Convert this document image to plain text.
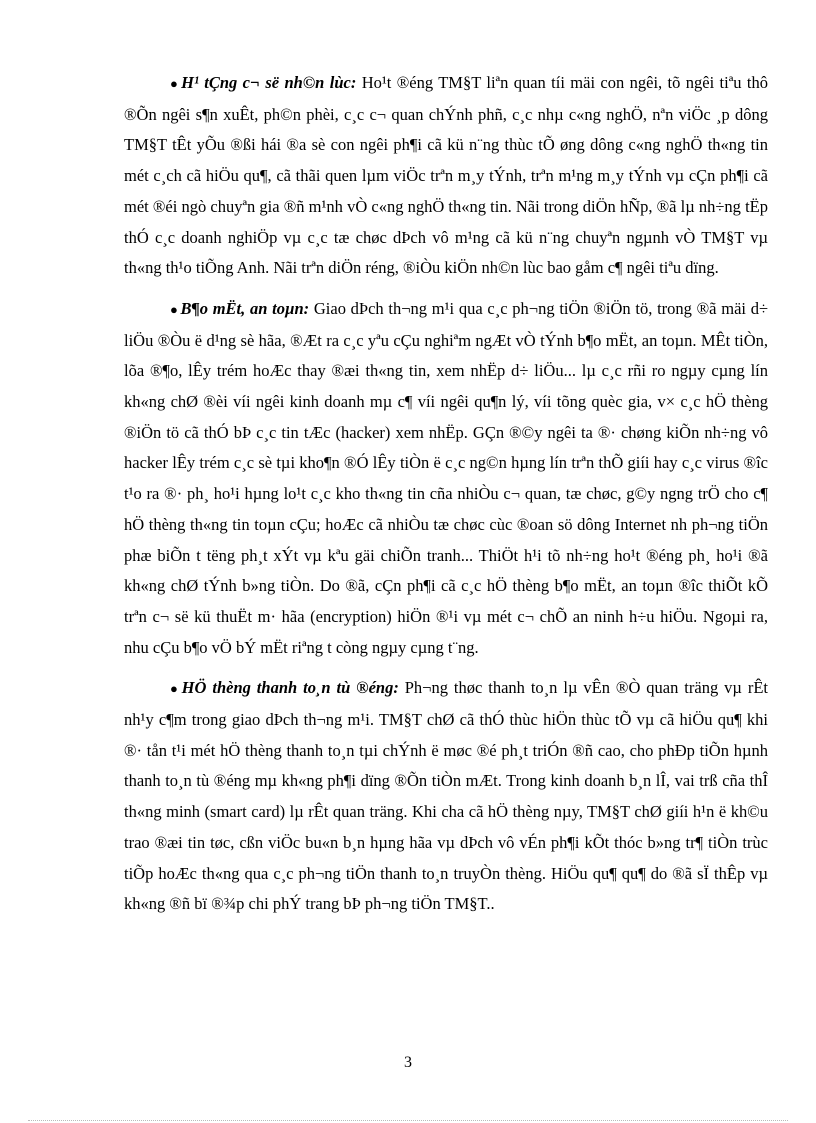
● H¹ tÇng c¬ së nh©n lùc: Ho¹t ®éng TM§T liªn quan tíi mäi con ngêi, tõ ngêi tiªu thô ®Õn ngêi s¶n xuÊt, ph©n phèi, c¸c c¬ quan chÝnh phñ, c¸c nhµ c«ng nghÖ, nªn viÖc ¸p dông TM§T tÊt yÕu ®ßi hái ®a sè con ngêi ph¶i cã kü n¨ng thùc tÕ øng dông c«ng nghÖ th«ng tin mét c¸ch cã hiÖu qu¶, cã thãi quen lµm viÖc trªn m¸y tÝnh, trªn m¹ng m¸y tÝnh vµ cÇn ph¶i cã mét ®éi ngò chuyªn gia ®ñ m¹nh vÒ c«ng nghÖ th«ng tin. Nãi trong diÖn hÑp, ®ã lµ nh÷ng tËp thÓ c¸c doanh nghiÖp vµ c¸c tæ chøc dÞch vô m¹ng cã kü n¨ng chuyªn ngµnh vÒ TM§T vµ th«ng th¹o tiÕng Anh. Nãi trªn diÖn réng, ®iÒu kiÖn nh©n lùc bao gåm c¶ ngêi tiªu dïng.

● B¶o mËt, an toµn: Giao dÞch th¬ng m¹i qua c¸c ph¬ng tiÖn ®iÖn tö, trong ®ã mäi d÷ liÖu ®Òu ë d¹ng sè hãa, ®Æt ra c¸c yªu cÇu nghiªm ngÆt vÒ tÝnh b¶o mËt, an toµn. MÊt tiÒn, lõa ®¶o, lÊy trém hoÆc thay ®æi th«ng tin, xem nhËp d÷ liÖu... lµ c¸c rñi ro ngµy cµng lín kh«ng chØ ®èi víi ngêi kinh doanh mµ c¶ víi ngêi qu¶n lý, víi tõng quèc gia, v× c¸c hÖ thèng ®iÖn tö cã thÓ bÞ c¸c tin tÆc (hacker) xem nhËp. GÇn ®©y ngêi ta ®· chøng kiÕn nh÷ng vô hacker lÊy trém c¸c sè tµi kho¶n ®Ó lÊy tiÒn ë c¸c ng©n hµng lín trªn thÕ giíi hay c¸c virus ®îc t¹o ra ®· ph¸ ho¹i hµng lo¹t c¸c kho th«ng tin cña nhiÒu c¬ quan, tæ chøc, g©y ngng trÖ cho c¶ hÖ thèng th«ng tin toµn cÇu; hoÆc cã nhiÒu tæ chøc cùc ®oan sö dông Internet nh ph¬ng tiÖn phæ biÕn t tëng ph¸t xÝt vµ kªu gäi chiÕn tranh... ThiÖt h¹i tõ nh÷ng ho¹t ®éng ph¸ ho¹i ®ã kh«ng chØ tÝnh b»ng tiÒn. Do ®ã, cÇn ph¶i cã c¸c hÖ thèng b¶o mËt, an toµn ®îc thiÕt kÕ trªn c¬ së kü thuËt m· hãa (encryption) hiÖn ®¹i vµ mét c¬ chÕ an ninh h÷u hiÖu. Ngoµi ra, nhu cÇu b¶o vÖ bÝ mËt riªng t còng ngµy cµng t¨ng.

● HÖ thèng thanh to¸n tù ®éng: Ph¬ng thøc thanh to¸n lµ vÊn ®Ò quan träng vµ rÊt nh¹y c¶m trong giao dÞch th¬ng m¹i. TM§T chØ cã thÓ thùc hiÖn thùc tÕ vµ cã hiÖu qu¶ khi ®· tån t¹i mét hÖ thèng thanh to¸n tµi chÝnh ë møc ®é ph¸t triÓn ®ñ cao, cho phÐp tiÕn hµnh thanh to¸n tù ®éng mµ kh«ng ph¶i dïng ®Õn tiÒn mÆt. Trong kinh doanh b¸n lÎ, vai trß cña thÎ th«ng minh (smart card) lµ rÊt quan träng. Khi cha cã hÖ thèng nµy, TM§T chØ giíi h¹n ë kh©u trao ®æi tin tøc, cßn viÖc bu«n b¸n hµng hãa vµ dÞch vô vÉn ph¶i kÕt thóc b»ng tr¶ tiÒn trùc tiÕp hoÆc th«ng qua c¸c ph¬ng tiÖn thanh to¸n truyÒn thèng. HiÖu qu¶ qu¶ do ®ã sÏ thÊp vµ kh«ng ®ñ bï ®¾p chi phÝ trang bÞ ph¬ng tiÖn TM§T..

3
